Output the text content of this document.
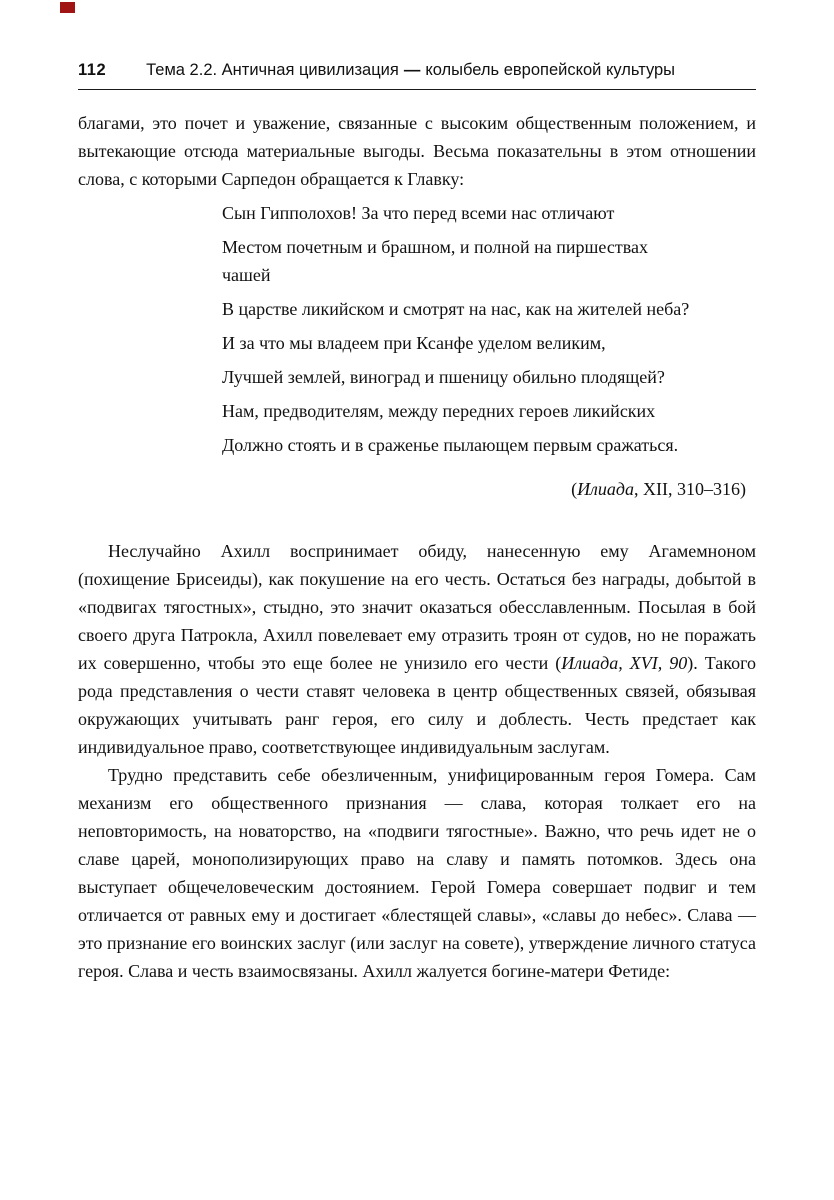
112 Тема 2.2. Античная цивилизация — колыбель европейской культуры

благами, это почет и уважение, связанные с высоким общественным положением, и вытекающие отсюда материальные выгоды. Весьма показательны в этом отношении слова, с которыми Сарпедон обращается к Главку:

Сын Гипполохов! За что перед всеми нас отличают

Местом почетным и брашном, и полной на пиршествах чашей

В царстве ликийском и смотрят на нас, как на жителей неба?

И за что мы владеем при Ксанфе уделом великим,

Лучшей землей, виноград и пшеницу обильно плодящей?

Нам, предводителям, между передних героев ликийских

Должно стоять и в сраженье пылающем первым сражаться.

(Илиада, XII, 310–316)

Неслучайно Ахилл воспринимает обиду, нанесенную ему Агамемноном (похищение Брисеиды), как покушение на его честь. Остаться без награды, добытой в «подвигах тягостных», стыдно, это значит оказаться обесславленным. Посылая в бой своего друга Патрокла, Ахилл повелевает ему отразить троян от судов, но не поражать их совершенно, чтобы это еще более не унизило его чести (Илиада, XVI, 90). Такого рода представления о чести ставят человека в центр общественных связей, обязывая окружающих учитывать ранг героя, его силу и доблесть. Честь предстает как индивидуальное право, соответствующее индивидуальным заслугам.

Трудно представить себе обезличенным, унифицированным героя Гомера. Сам механизм его общественного признания — слава, которая толкает его на неповторимость, на новаторство, на «подвиги тягостные». Важно, что речь идет не о славе царей, монополизирующих право на славу и память потомков. Здесь она выступает общечеловеческим достоянием. Герой Гомера совершает подвиг и тем отличается от равных ему и достигает «блестящей славы», «славы до небес». Слава — это признание его воинских заслуг (или заслуг на совете), утверждение личного статуса героя. Слава и честь взаимосвязаны. Ахилл жалуется богине-матери Фетиде:
